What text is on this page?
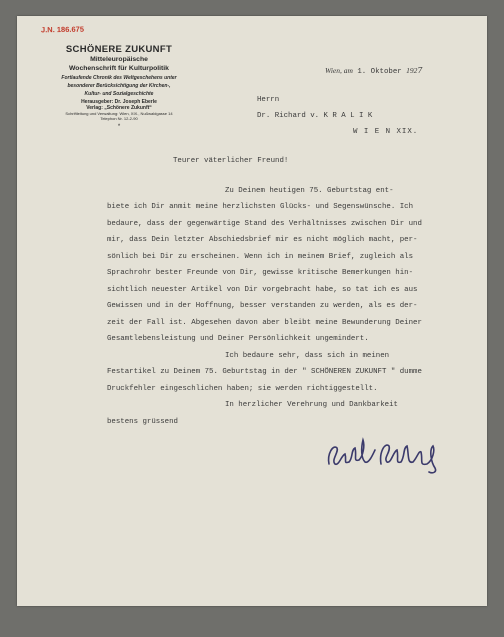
J.N. 186.675
SCHÖNERE ZUKUNFT
Mitteleuropäische
Wochenschrift für Kulturpolitik
Fortlaufende Chronik des Weltgeschehens unter
besonderer Berücksichtigung der Kirchen-,
Kultur- und Sozialgeschichte
Herausgeber: Dr. Joseph Eberle
Verlag: „Schönere Zukunft“
Schriftleitung und Verwaltung: Wien, XIX., Nußwaldgasse 14
Telephon Nr. 12-2-90
*
Wien, am 1. Oktober 1927
Herrn
Dr. Richard v. K R A L I K
W I E N XIX.
Teurer väterlicher Freund!
Zu Deinem heutigen 75. Geburtstag ent-
biete ich Dir anmit meine herzlichsten Glücks- und Segenswünsche. Ich
bedaure, dass der gegenwärtige Stand des Verhältnisses zwischen Dir und
mir, dass Dein letzter Abschiedsbrief mir es nicht möglich macht, per-
sönlich bei Dir zu erscheinen. Wenn ich in meinem Brief, zugleich als
Sprachrohr bester Freunde von Dir, gewisse kritische Bemerkungen hin-
sichtlich neuester Artikel von Dir vorgebracht habe, so tat ich es aus
Gewissen und in der Hoffnung, besser verstanden zu werden, als es der-
zeit der Fall ist. Abgesehen davon aber bleibt meine Bewunderung Deiner
Gesamtlebensleistung und Deiner Persönlichkeit ungemindert.
Ich bedaure sehr, dass sich in meinen
Festartikel zu Deinem 75. Geburtstag in der " SCHÖNEREN ZUKUNFT " dumme
Druckfehler eingeschlichen haben; sie werden richtiggestellt.
In herzlicher Verehrung und Dankbarkeit
bestens grüssend
